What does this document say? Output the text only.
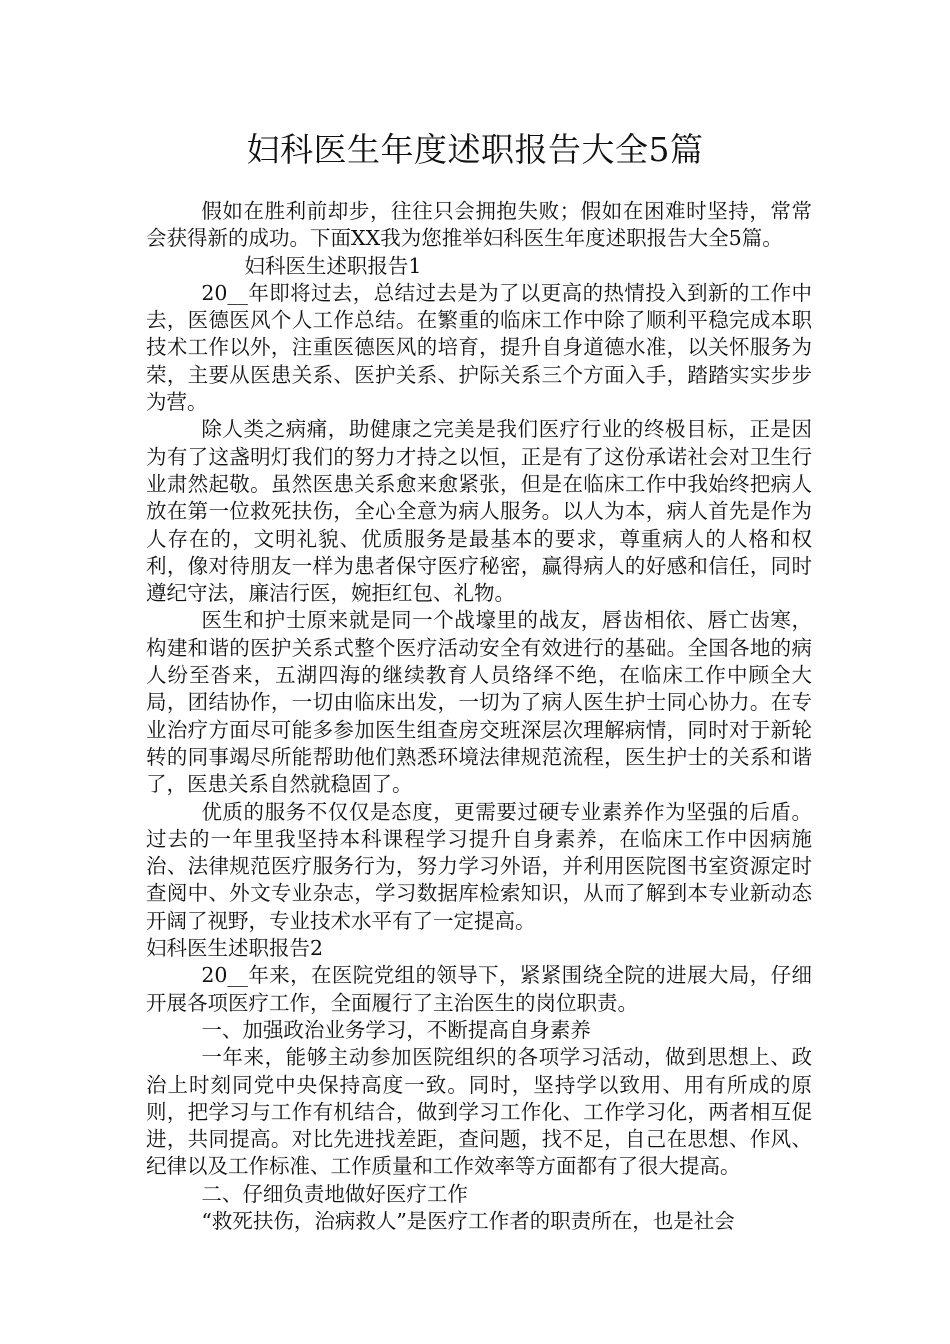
妇科医生年度述职报告大全5篇

假如在胜利前却步，往往只会拥抱失败；假如在困难时坚持，常常会获得新的成功。下面XX我为您推举妇科医生年度述职报告大全5篇。

妇科医生述职报告1

20__年即将过去，总结过去是为了以更高的热情投入到新的工作中去，医德医风个人工作总结。在繁重的临床工作中除了顺利平稳完成本职技术工作以外，注重医德医风的培育，提升自身道德水准，以关怀服务为荣，主要从医患关系、医护关系、护际关系三个方面入手，踏踏实实步步为营。

除人类之病痛，助健康之完美是我们医疗行业的终极目标，正是因为有了这盏明灯我们的努力才持之以恒，正是有了这份承诺社会对卫生行业肃然起敬。虽然医患关系愈来愈紧张，但是在临床工作中我始终把病人放在第一位救死扶伤，全心全意为病人服务。以人为本，病人首先是作为人存在的，文明礼貌、优质服务是最基本的要求，尊重病人的人格和权利，像对待朋友一样为患者保守医疗秘密，赢得病人的好感和信任，同时遵纪守法，廉洁行医，婉拒红包、礼物。

医生和护士原来就是同一个战壕里的战友，唇齿相依、唇亡齿寒，构建和谐的医护关系式整个医疗活动安全有效进行的基础。全国各地的病人纷至沓来，五湖四海的继续教育人员络绎不绝，在临床工作中顾全大局，团结协作，一切由临床出发，一切为了病人医生护士同心协力。在专业治疗方面尽可能多参加医生组查房交班深层次理解病情，同时对于新轮转的同事竭尽所能帮助他们熟悉环境法律规范流程，医生护士的关系和谐了，医患关系自然就稳固了。

优质的服务不仅仅是态度，更需要过硬专业素养作为坚强的后盾。过去的一年里我坚持本科课程学习提升自身素养，在临床工作中因病施治、法律规范医疗服务行为，努力学习外语，并利用医院图书室资源定时查阅中、外文专业杂志，学习数据库检索知识，从而了解到本专业新动态开阔了视野，专业技术水平有了一定提高。

妇科医生述职报告2

20__年来，在医院党组的领导下，紧紧围绕全院的进展大局，仔细开展各项医疗工作，全面履行了主治医生的岗位职责。

一、加强政治业务学习，不断提高自身素养

一年来，能够主动参加医院组织的各项学习活动，做到思想上、政治上时刻同党中央保持高度一致。同时，坚持学以致用、用有所成的原则，把学习与工作有机结合，做到学习工作化、工作学习化，两者相互促进，共同提高。对比先进找差距，查问题，找不足，自己在思想、作风、纪律以及工作标准、工作质量和工作效率等方面都有了很大提高。

二、仔细负责地做好医疗工作

“救死扶伤，治病救人”是医疗工作者的职责所在，也是社会
